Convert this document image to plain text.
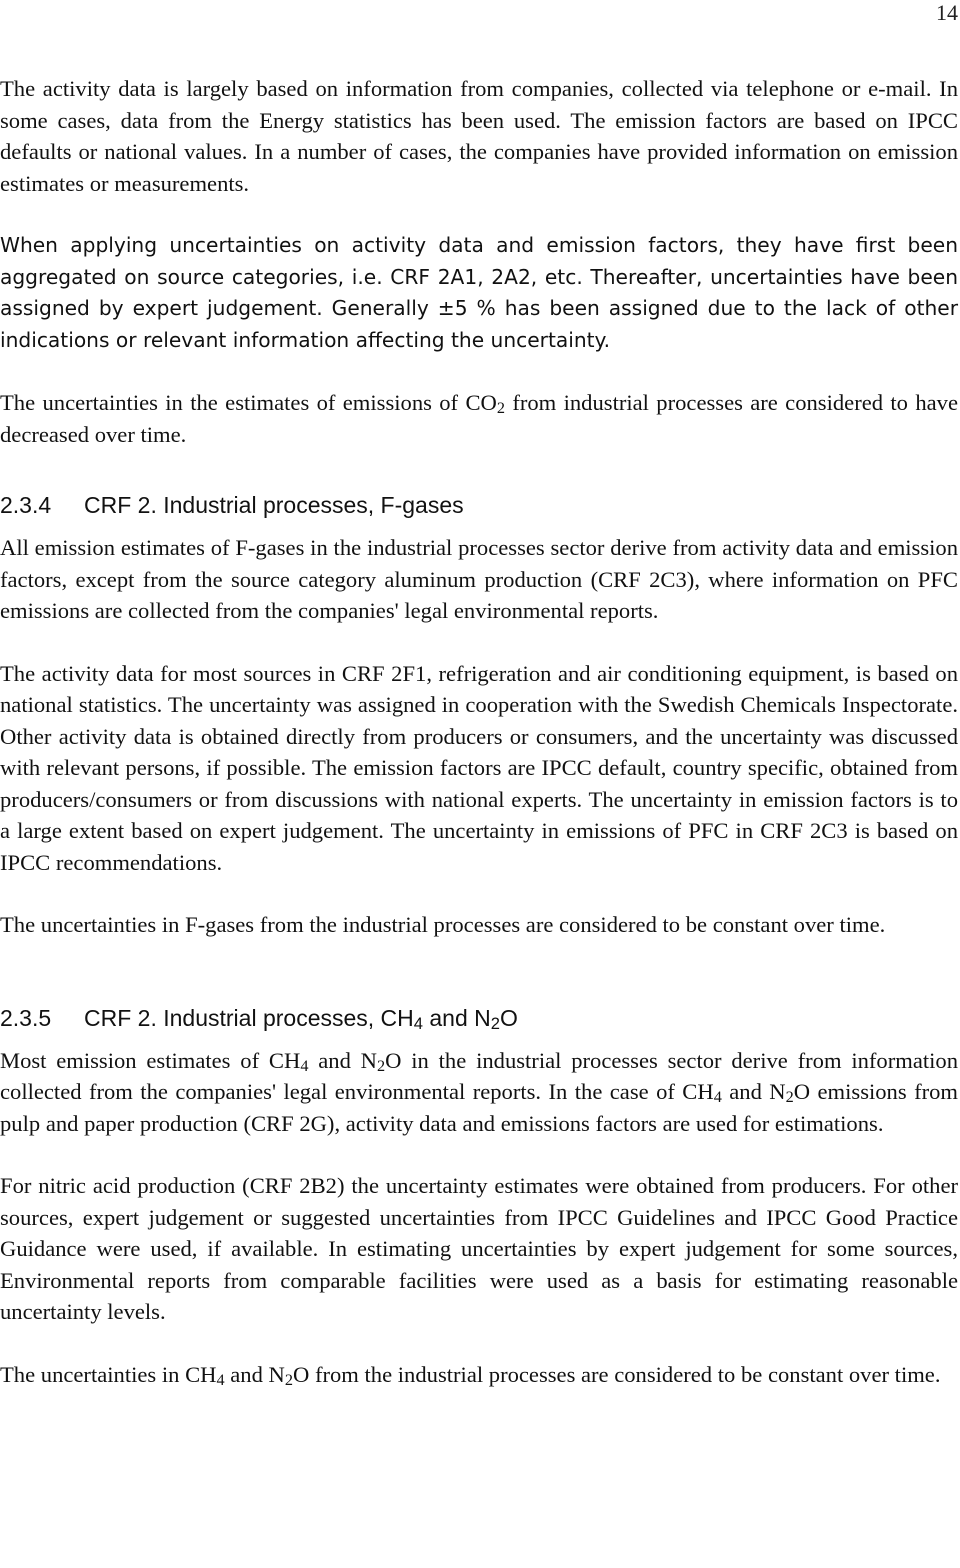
14

The activity data is largely based on information from companies, collected via telephone or e-mail. In some cases, data from the Energy statistics has been used. The emission factors are based on IPCC defaults or national values. In a number of cases, the companies have provided information on emission estimates or measurements.

When applying uncertainties on activity data and emission factors, they have first been aggregated on source categories, i.e. CRF 2A1, 2A2, etc. Thereafter, uncertainties have been assigned by expert judgement. Generally ±5 % has been assigned due to the lack of other indications or relevant information affecting the uncertainty.

The uncertainties in the estimates of emissions of CO2 from industrial processes are considered to have decreased over time.

2.3.4 CRF 2. Industrial processes, F-gases

All emission estimates of F-gases in the industrial processes sector derive from activity data and emission factors, except from the source category aluminum production (CRF 2C3), where information on PFC emissions are collected from the companies' legal environmental reports.

The activity data for most sources in CRF 2F1, refrigeration and air conditioning equipment, is based on national statistics. The uncertainty was assigned in cooperation with the Swedish Chemicals Inspectorate. Other activity data is obtained directly from producers or consumers, and the uncertainty was discussed with relevant persons, if possible. The emission factors are IPCC default, country specific, obtained from producers/consumers or from discussions with national experts. The uncertainty in emission factors is to a large extent based on expert judgement. The uncertainty in emissions of PFC in CRF 2C3 is based on IPCC recommendations.

The uncertainties in F-gases from the industrial processes are considered to be constant over time.

2.3.5 CRF 2. Industrial processes, CH4 and N2O

Most emission estimates of CH4 and N2O in the industrial processes sector derive from information collected from the companies' legal environmental reports. In the case of CH4 and N2O emissions from pulp and paper production (CRF 2G), activity data and emissions factors are used for estimations.

For nitric acid production (CRF 2B2) the uncertainty estimates were obtained from producers. For other sources, expert judgement or suggested uncertainties from IPCC Guidelines and IPCC Good Practice Guidance were used, if available. In estimating uncertainties by expert judgement for some sources, Environmental reports from comparable facilities were used as a basis for estimating reasonable uncertainty levels.

The uncertainties in CH4 and N2O from the industrial processes are considered to be constant over time.
